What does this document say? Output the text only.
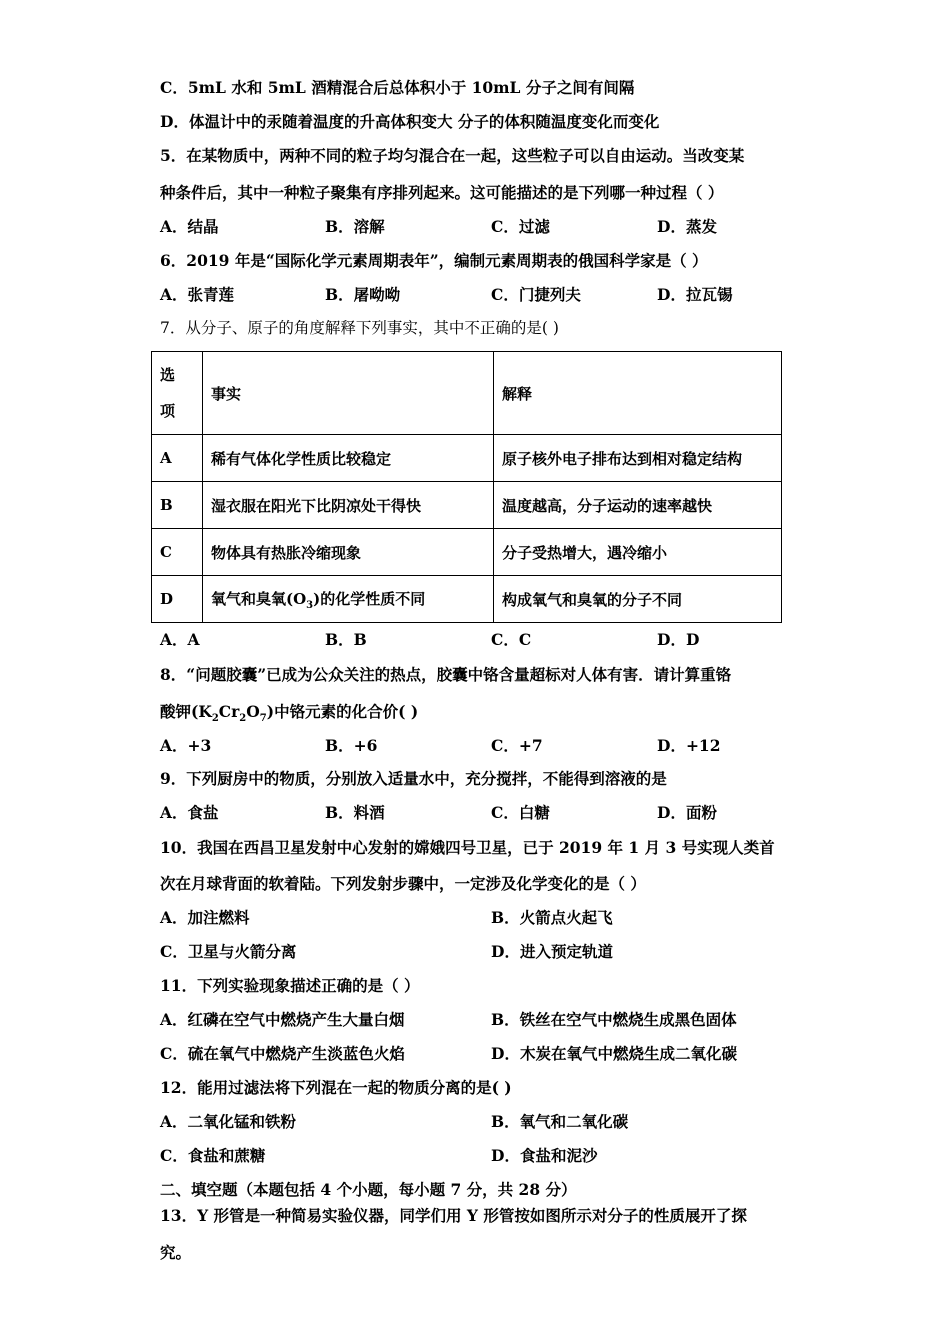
C．5mL 水和 5mL 酒精混合后总体积小于 10mL 分子之间有间隔
D．体温计中的汞随着温度的升高体积变大 分子的体积随温度变化而变化
5．在某物质中，两种不同的粒子均匀混合在一起，这些粒子可以自由运动。当改变某
种条件后，其中一种粒子聚集有序排列起来。这可能描述的是下列哪一种过程（ ）
A．结晶	B．溶解	C．过滤	D．蒸发
6．2019 年是“国际化学元素周期表年”，编制元素周期表的俄国科学家是（ ）
A．张青莲	B．屠呦呦	C．门捷列夫	D．拉瓦锡
7．从分子、原子的角度解释下列事实，其中不正确的是( )
选
项	事实	解释
A	稀有气体化学性质比较稳定	原子核外电子排布达到相对稳定结构
B	湿衣服在阳光下比阴凉处干得快	温度越高，分子运动的速率越快
C	物体具有热胀冷缩现象	分子受热增大，遇冷缩小
D	氧气和臭氧$(O_3)$的化学性质不同	构成氧气和臭氧的分子不同
A．A	B．B	C．C	D．D
8．“问题胶囊”已成为公众关注的热点，胶囊中铬含量超标对人体有害．请计算重铬
酸钾$(K_2Cr_2O_7)$中铬元素的化合价( )
A．+3	B．+6	C．+7	D．+12
9．下列厨房中的物质，分别放入适量水中，充分搅拌，不能得到溶液的是
A．食盐	B．料酒	C．白糖	D．面粉
10．我国在西昌卫星发射中心发射的嫦娥四号卫星，已于 2019 年 1 月 3 号实现人类首
次在月球背面的软着陆。下列发射步骤中，一定涉及化学变化的是（ ）
A．加注燃料	B．火箭点火起飞
C．卫星与火箭分离	D．进入预定轨道
11．下列实验现象描述正确的是（ ）
A．红磷在空气中燃烧产生大量白烟	B．铁丝在空气中燃烧生成黑色固体
C．硫在氧气中燃烧产生淡蓝色火焰	D．木炭在氧气中燃烧生成二氧化碳
12．能用过滤法将下列混在一起的物质分离的是( )
A．二氧化锰和铁粉	B．氧气和二氧化碳
C．食盐和蔗糖	D．食盐和泥沙
二、填空题（本题包括 4 个小题，每小题 7 分，共 28 分）
13．Y 形管是一种简易实验仪器，同学们用 Y 形管按如图所示对分子的性质展开了探
究。
